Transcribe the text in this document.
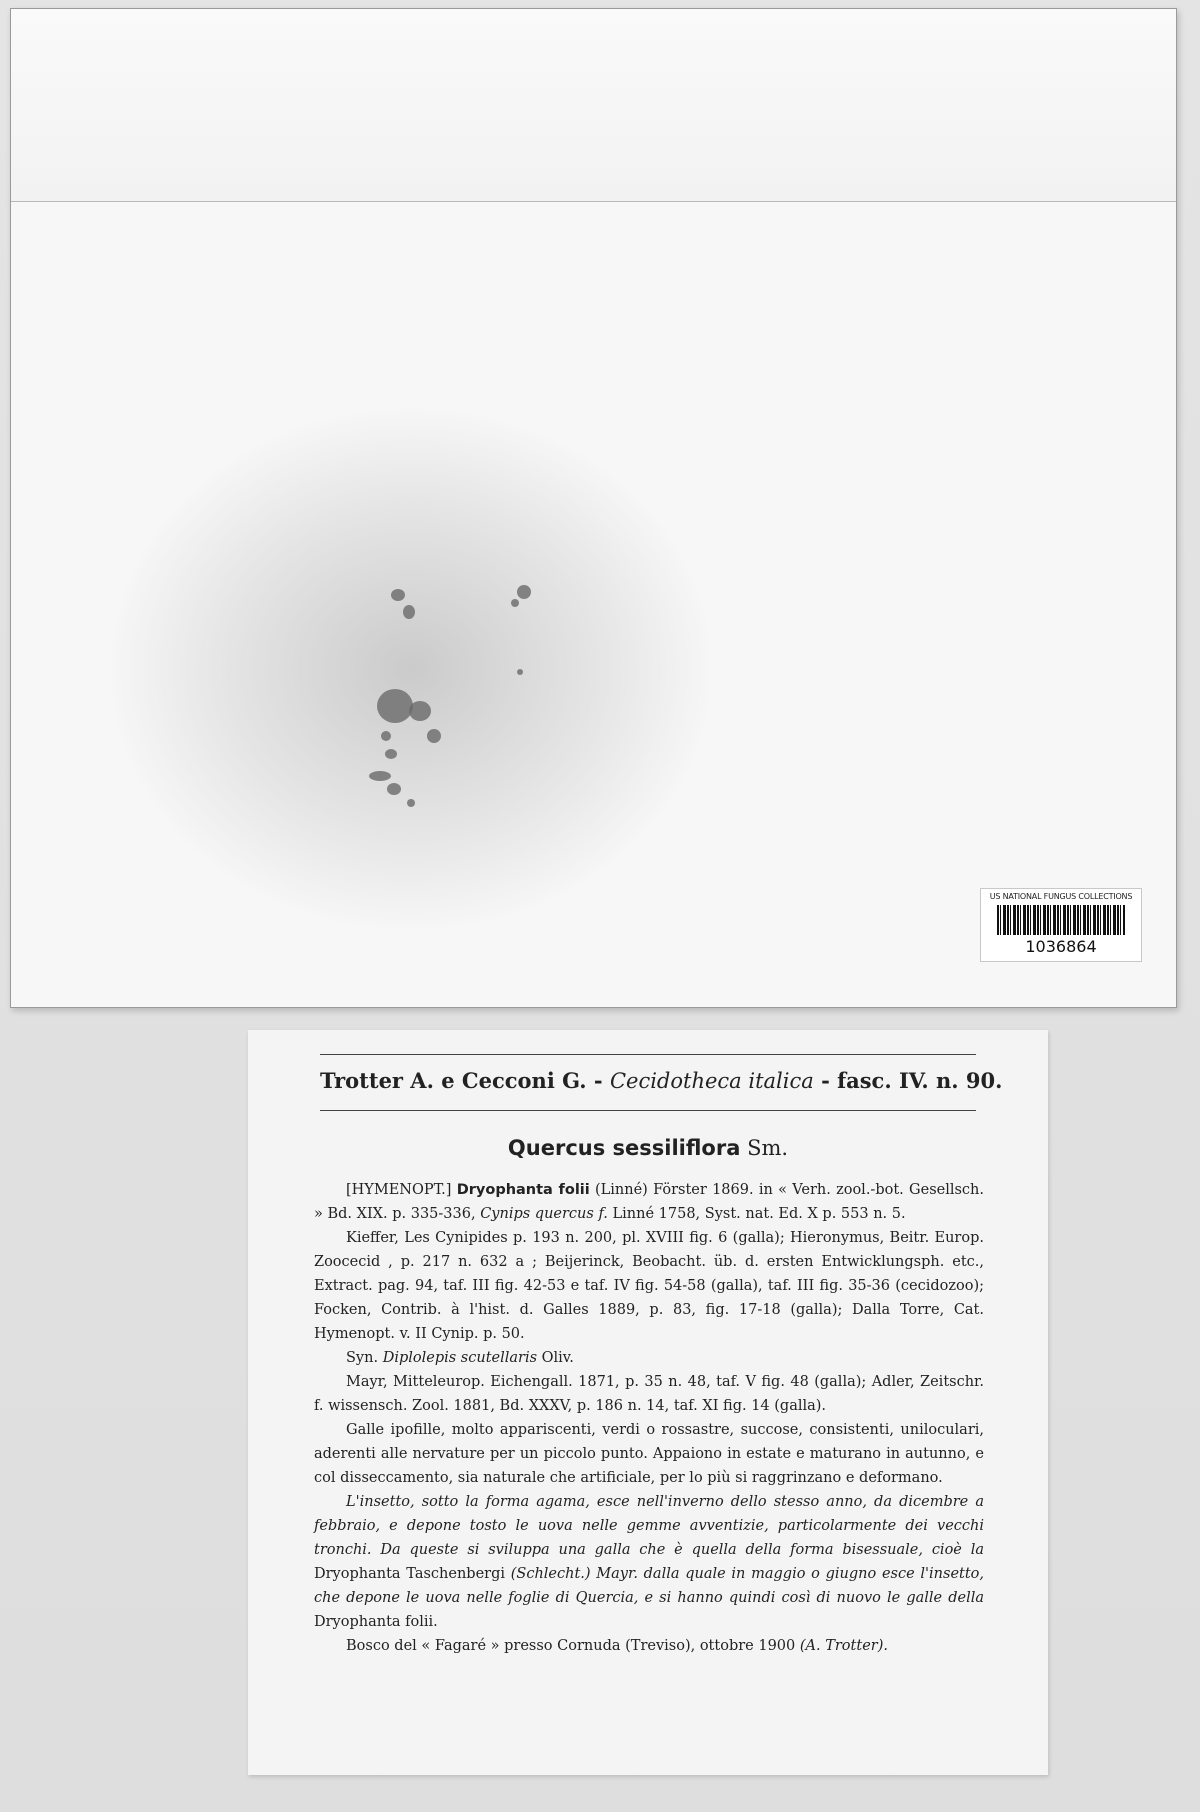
US NATIONAL FUNGUS COLLECTIONS
1036864
Trotter A. e Cecconi G. - Cecidotheca italica - fasc. IV. n. 90.
Quercus sessiliflora Sm.

[HYMENOPT.] Dryophanta folii (Linné) Förster 1869. in « Verh. zool.-bot. Gesellsch. » Bd. XIX. p. 335-336, Cynips quercus f. Linné 1758, Syst. nat. Ed. X p. 553 n. 5.

Kieffer, Les Cynipides p. 193 n. 200, pl. XVIII fig. 6 (galla); Hieronymus, Beitr. Europ. Zoocecid , p. 217 n. 632 a ; Beijerinck, Beobacht. üb. d. ersten Entwicklungsph. etc., Extract. pag. 94, taf. III fig. 42-53 e taf. IV fig. 54-58 (galla), taf. III fig. 35-36 (cecidozoo); Focken, Contrib. à l'hist. d. Galles 1889, p. 83, fig. 17-18 (galla); Dalla Torre, Cat. Hymenopt. v. II Cynip. p. 50.

Syn. Diplolepis scutellaris Oliv.

Mayr, Mitteleurop. Eichengall. 1871, p. 35 n. 48, taf. V fig. 48 (galla); Adler, Zeitschr. f. wissensch. Zool. 1881, Bd. XXXV, p. 186 n. 14, taf. XI fig. 14 (galla).

Galle ipofille, molto appariscenti, verdi o rossastre, succose, consistenti, uniloculari, aderenti alle nervature per un piccolo punto. Appaiono in estate e maturano in autunno, e col disseccamento, sia naturale che artificiale, per lo più si raggrinzano e deformano.

L'insetto, sotto la forma agama, esce nell'inverno dello stesso anno, da dicembre a febbraio, e depone tosto le uova nelle gemme avventizie, particolarmente dei vecchi tronchi. Da queste si sviluppa una galla che è quella della forma bisessuale, cioè la Dryophanta Taschenbergi (Schlecht.) Mayr. dalla quale in maggio o giugno esce l'insetto, che depone le uova nelle foglie di Quercia, e si hanno quindi così di nuovo le galle della Dryophanta folii.

Bosco del « Fagaré » presso Cornuda (Treviso), ottobre 1900 (A. Trotter).
